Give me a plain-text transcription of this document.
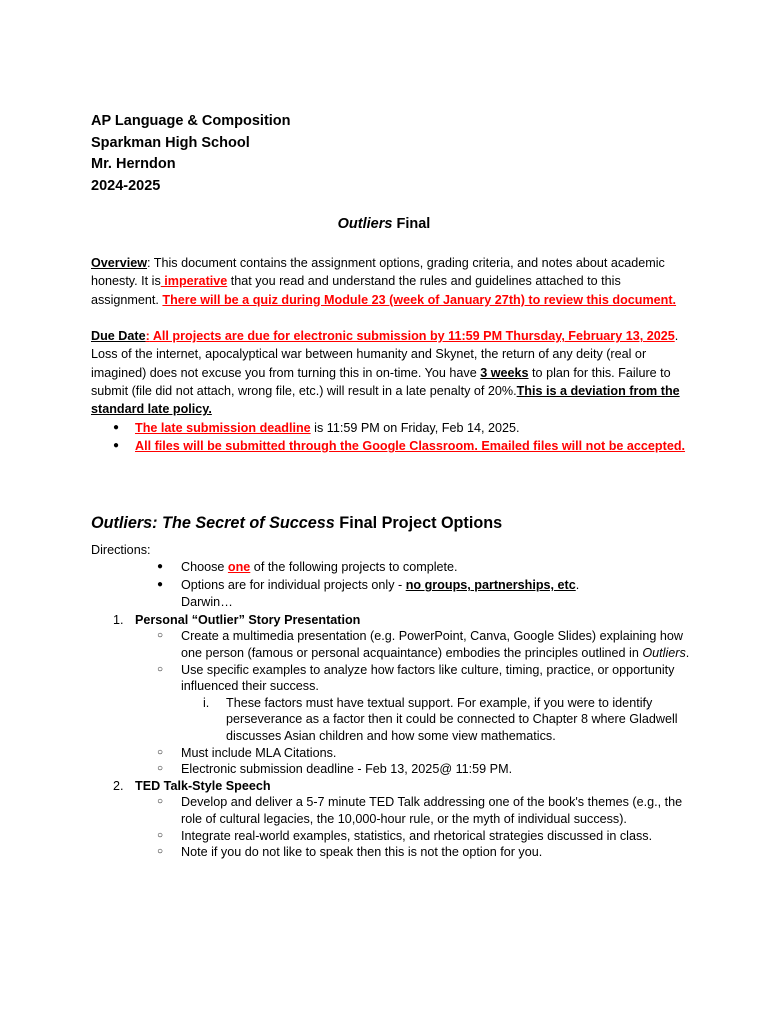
AP Language & Composition
Sparkman High School
Mr. Herndon
2024-2025
Outliers Final

Overview: This document contains the assignment options, grading criteria, and notes about academic honesty. It is imperative that you read and understand the rules and guidelines attached to this assignment. There will be a quiz during Module 23 (week of January 27th) to review this document.

Due Date: All projects are due for electronic submission by 11:59 PM Thursday, February 13, 2025. Loss of the internet, apocalyptical war between humanity and Skynet, the return of any deity (real or imagined) does not excuse you from turning this in on-time. You have 3 weeks to plan for this. Failure to submit (file did not attach, wrong file, etc.) will result in a late penalty of 20%.This is a deviation from the standard late policy.

●	The late submission deadline is 11:59 PM on Friday, Feb 14, 2025.
●	All files will be submitted through the Google Classroom. Emailed files will not be accepted.
Outliers: The Secret of Success Final Project Options
Directions:
●	Choose one of the following projects to complete.
●	Options are for individual projects only - no groups, partnerships, etc.
Darwin…
1. Personal “Outlier” Story Presentation
○	Create a multimedia presentation (e.g. PowerPoint, Canva, Google Slides) explaining how one person (famous or personal acquaintance) embodies the principles outlined in Outliers.
○	Use specific examples to analyze how factors like culture, timing, practice, or opportunity influenced their success.
i.	These factors must have textual support. For example, if you were to identify perseverance as a factor then it could be connected to Chapter 8 where Gladwell discusses Asian children and how some view mathematics.
○	Must include MLA Citations.
○	Electronic submission deadline - Feb 13, 2025@ 11:59 PM.
2. TED Talk-Style Speech
○	Develop and deliver a 5-7 minute TED Talk addressing one of the book's themes (e.g., the role of cultural legacies, the 10,000-hour rule, or the myth of individual success).
○	Integrate real-world examples, statistics, and rhetorical strategies discussed in class.
○	Note if you do not like to speak then this is not the option for you.
